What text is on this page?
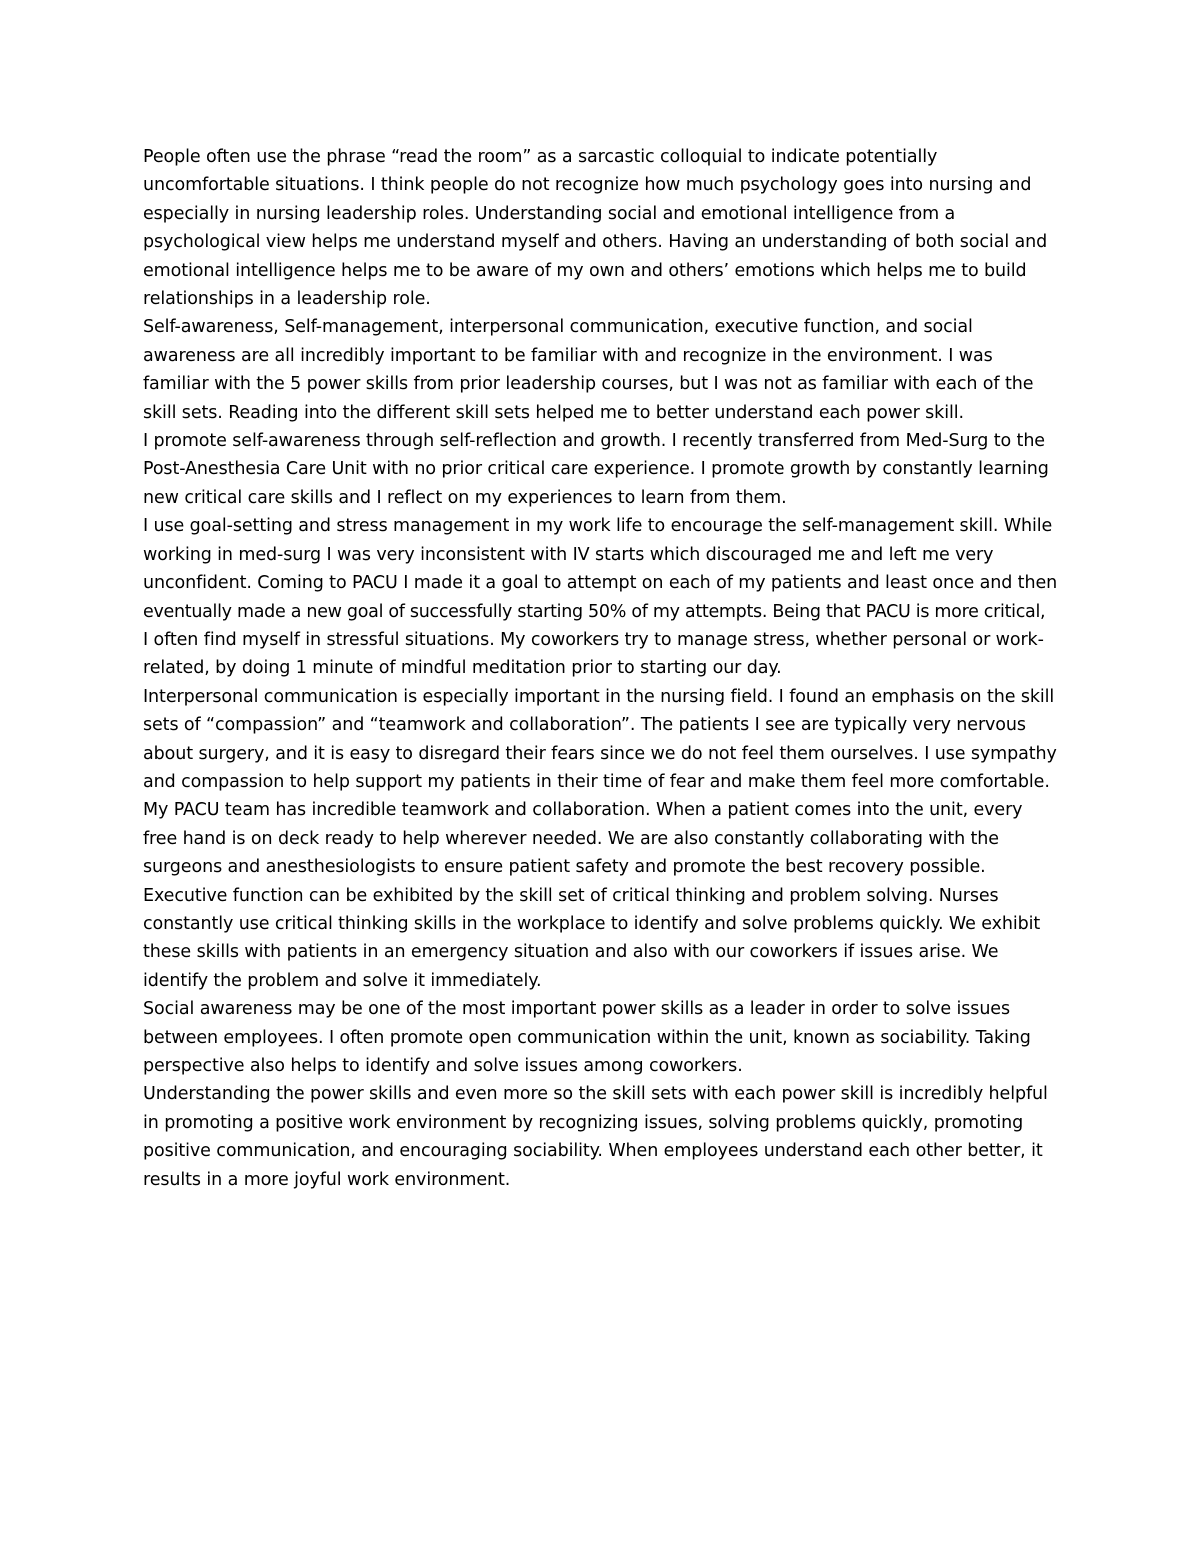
People often use the phrase “read the room” as a sarcastic colloquial to indicate potentially
uncomfortable situations. I think people do not recognize how much psychology goes into nursing and
especially in nursing leadership roles. Understanding social and emotional intelligence from a
psychological view helps me understand myself and others. Having an understanding of both social and
emotional intelligence helps me to be aware of my own and others’ emotions which helps me to build
relationships in a leadership role.

Self-awareness, Self-management, interpersonal communication, executive function, and social
awareness are all incredibly important to be familiar with and recognize in the environment. I was
familiar with the 5 power skills from prior leadership courses, but I was not as familiar with each of the
skill sets. Reading into the different skill sets helped me to better understand each power skill.

I promote self-awareness through self-reflection and growth. I recently transferred from Med-Surg to the
Post-Anesthesia Care Unit with no prior critical care experience. I promote growth by constantly learning
new critical care skills and I reflect on my experiences to learn from them.

I use goal-setting and stress management in my work life to encourage the self-management skill. While
working in med-surg I was very inconsistent with IV starts which discouraged me and left me very
unconfident. Coming to PACU I made it a goal to attempt on each of my patients and least once and then
eventually made a new goal of successfully starting 50% of my attempts. Being that PACU is more critical,
I often find myself in stressful situations. My coworkers try to manage stress, whether personal or work-
related, by doing 1 minute of mindful meditation prior to starting our day.

Interpersonal communication is especially important in the nursing field. I found an emphasis on the skill
sets of “compassion” and “teamwork and collaboration”. The patients I see are typically very nervous
about surgery, and it is easy to disregard their fears since we do not feel them ourselves. I use sympathy
and compassion to help support my patients in their time of fear and make them feel more comfortable.
My PACU team has incredible teamwork and collaboration. When a patient comes into the unit, every
free hand is on deck ready to help wherever needed. We are also constantly collaborating with the
surgeons and anesthesiologists to ensure patient safety and promote the best recovery possible.

Executive function can be exhibited by the skill set of critical thinking and problem solving. Nurses
constantly use critical thinking skills in the workplace to identify and solve problems quickly. We exhibit
these skills with patients in an emergency situation and also with our coworkers if issues arise. We
identify the problem and solve it immediately.

Social awareness may be one of the most important power skills as a leader in order to solve issues
between employees. I often promote open communication within the unit, known as sociability. Taking
perspective also helps to identify and solve issues among coworkers.

Understanding the power skills and even more so the skill sets with each power skill is incredibly helpful
in promoting a positive work environment by recognizing issues, solving problems quickly, promoting
positive communication, and encouraging sociability. When employees understand each other better, it
results in a more joyful work environment.
